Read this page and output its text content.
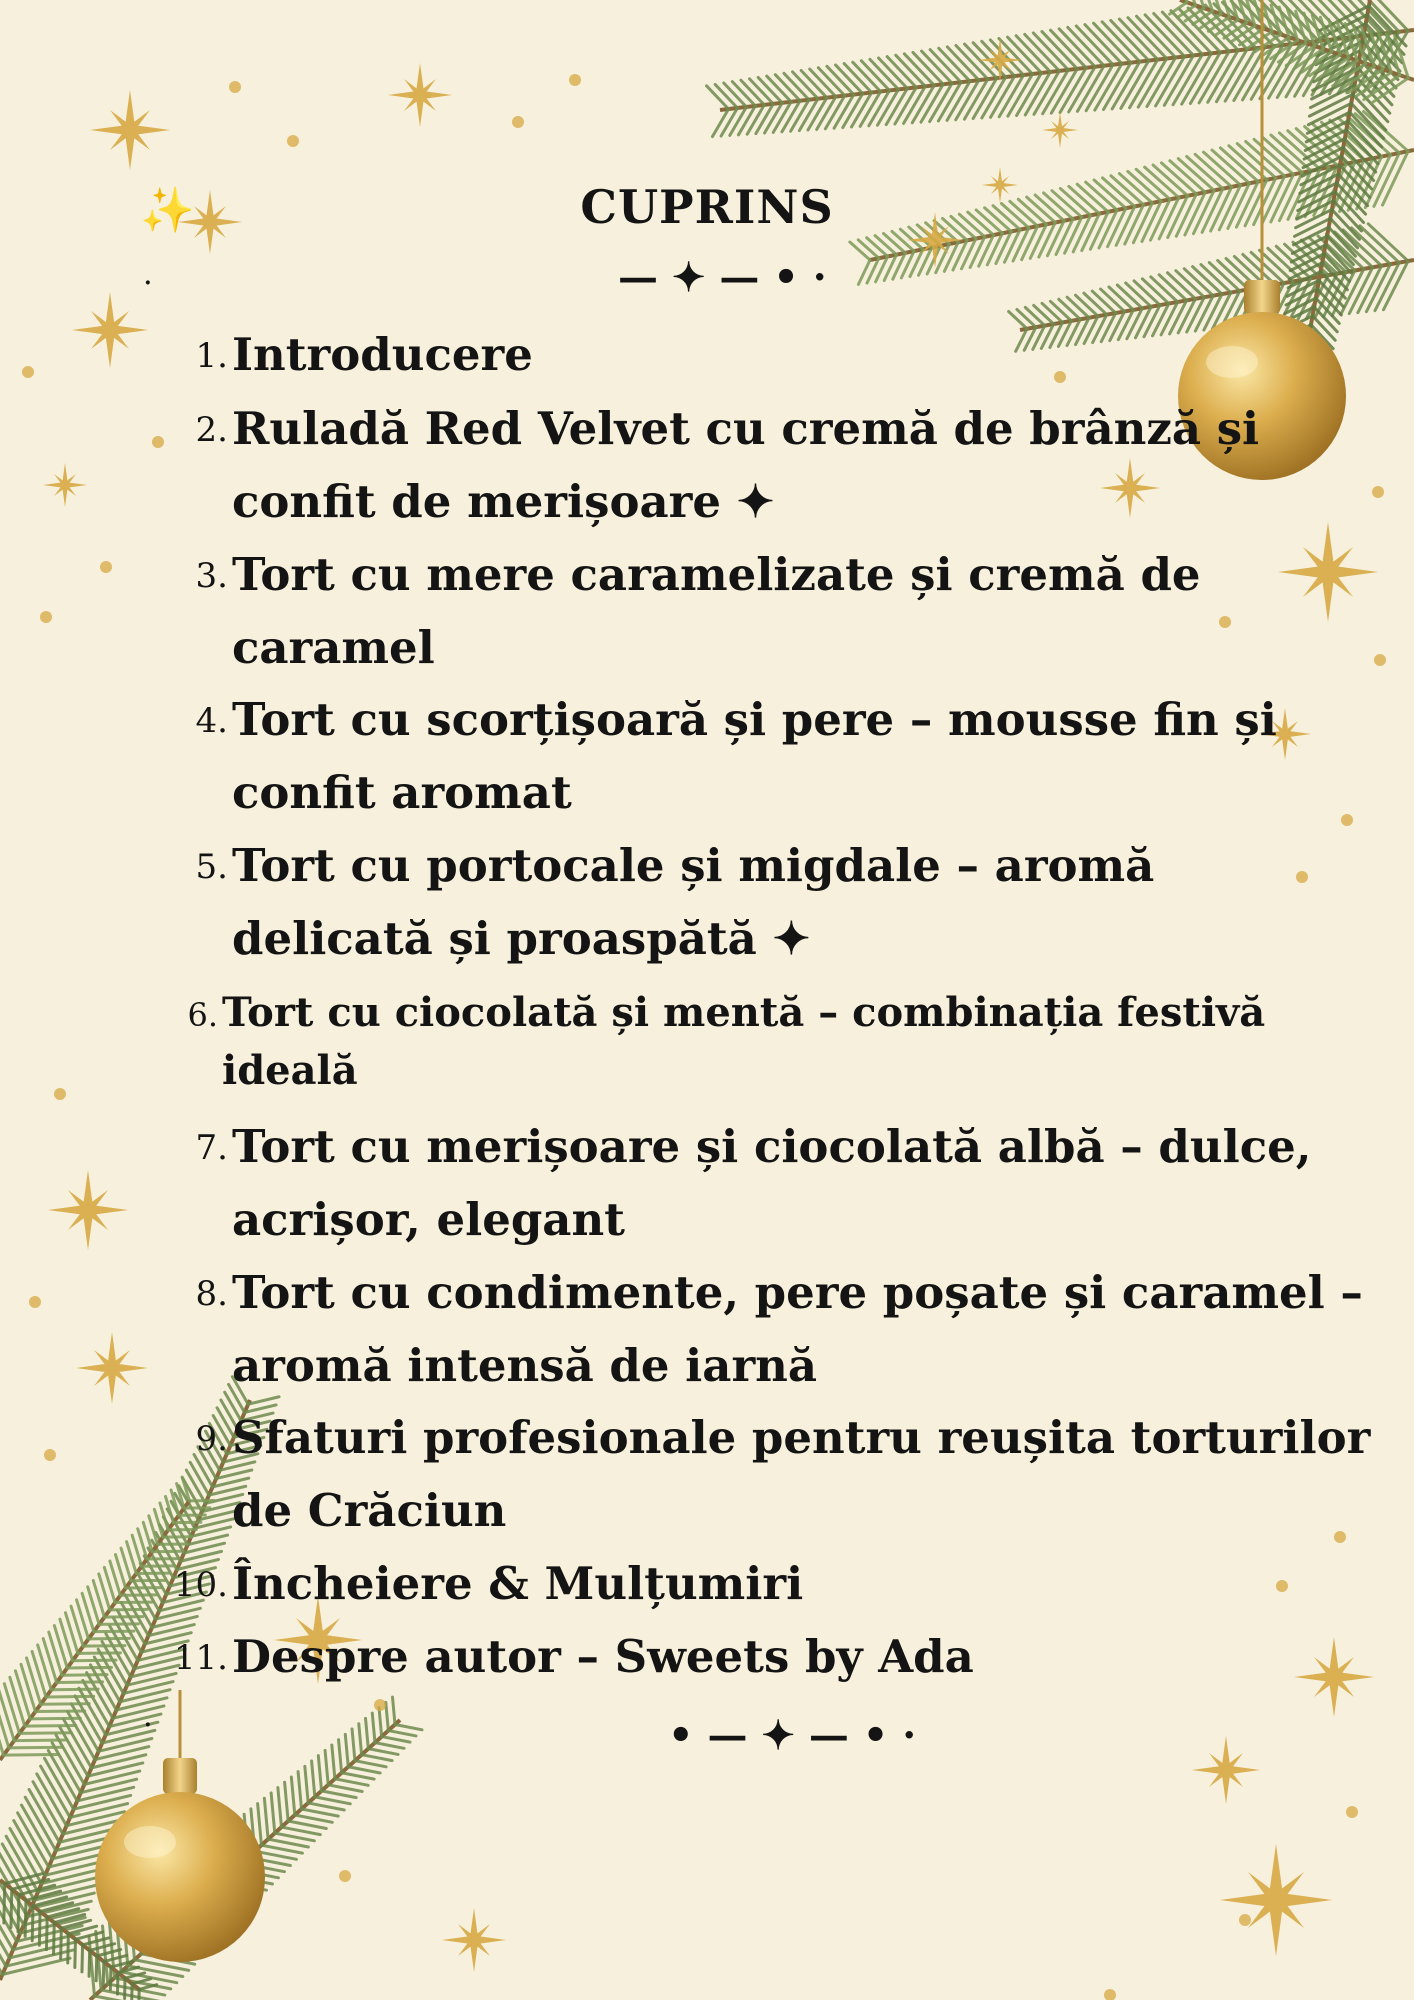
CUPRINS
— ✦ — • ·
✨
·
·
1. Introducere
2. Ruladă Red Velvet cu cremă de brânză și
confit de merișoare ✦
3. Tort cu mere caramelizate și cremă de
caramel
4. Tort cu scorțișoară și pere – mousse fin și
confit aromat
5. Tort cu portocale și migdale – aromă
delicată și proaspătă ✦
6. Tort cu ciocolată și mentă – combinația festivă
ideală
7. Tort cu merișoare și ciocolată albă – dulce,
acrișor, elegant
8. Tort cu condimente, pere poșate și caramel –
aromă intensă de iarnă
9. Sfaturi profesionale pentru reușita torturilor
de Crăciun
10. Încheiere & Mulțumiri
11. Despre autor – Sweets by Ada
• — ✦ — • ·
